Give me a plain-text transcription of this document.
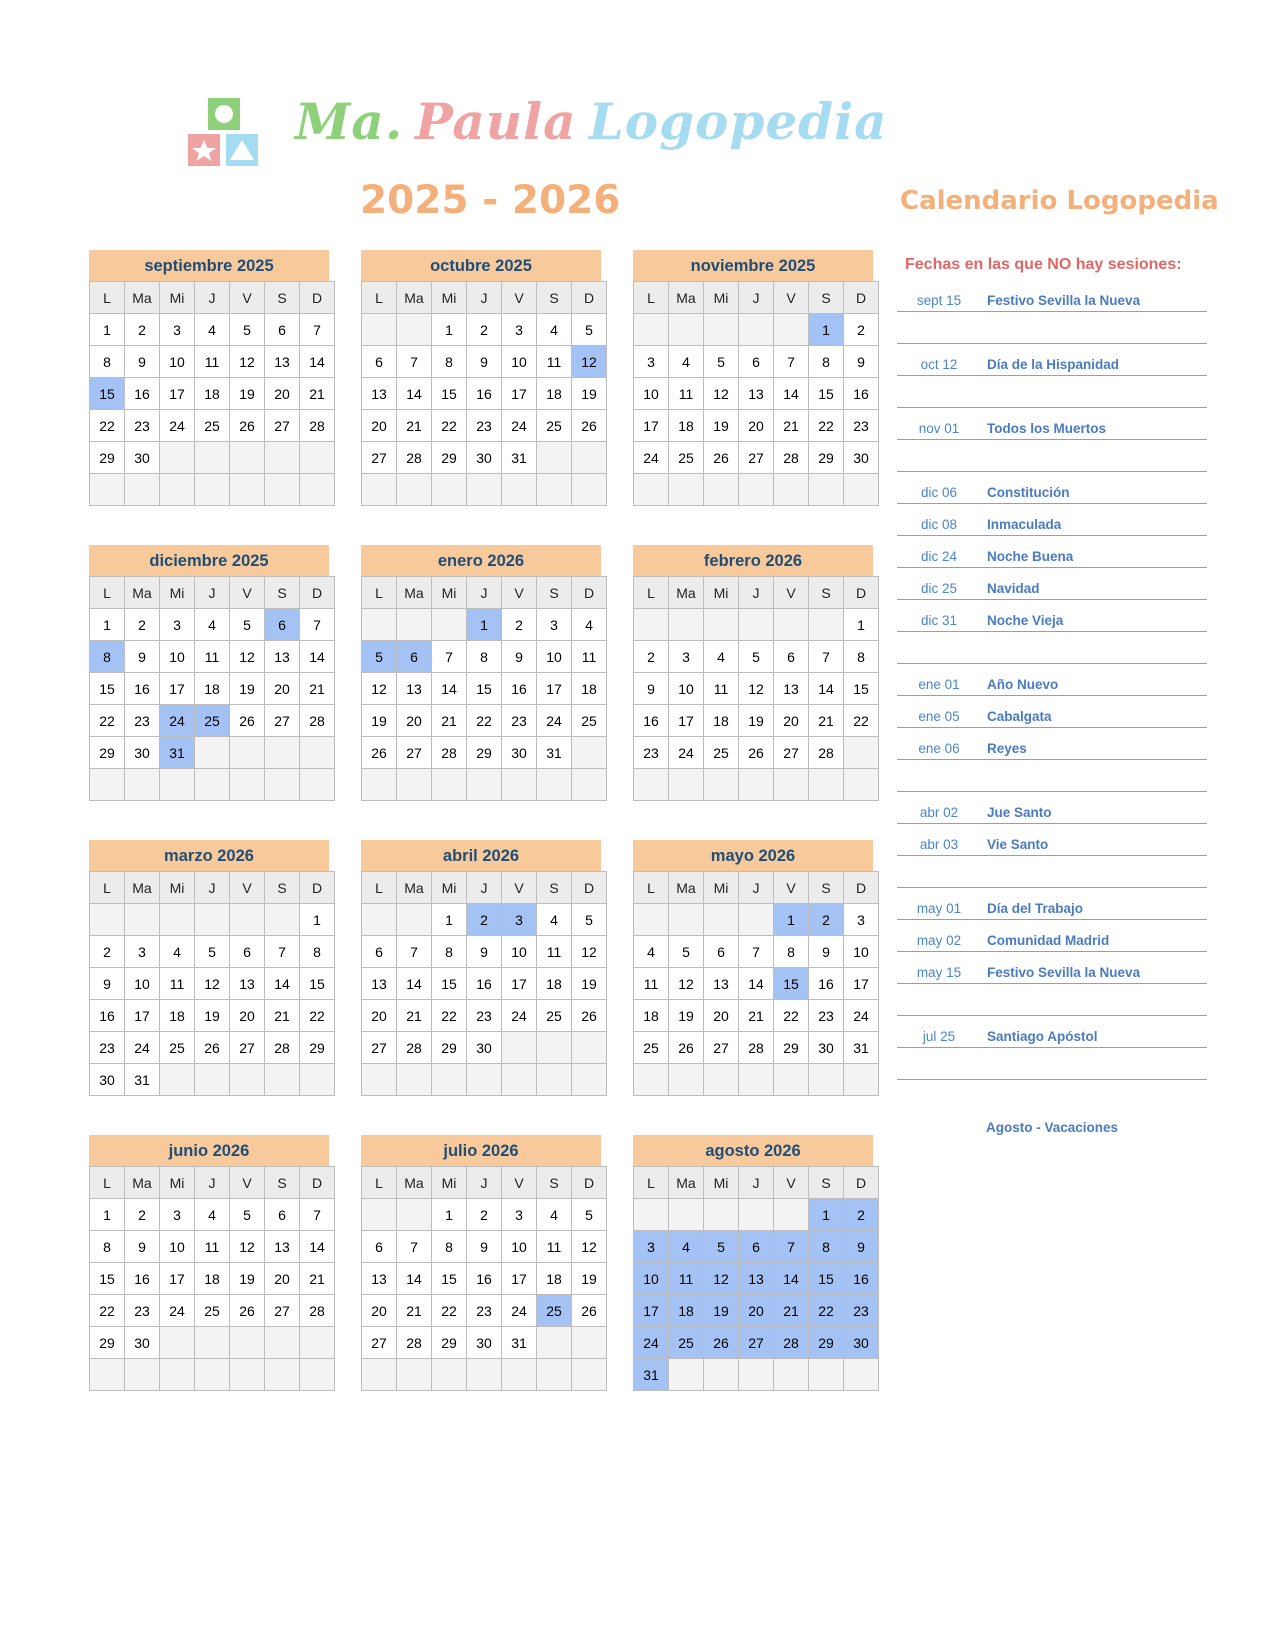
Ma. Paula Logopedia
2025 - 2026	Calendario Logopedia
septiembre 2025
L	Ma	Mi	J	V	S	D
1	2	3	4	5	6	7
8	9	10	11	12	13	14
15	16	17	18	19	20	21
22	23	24	25	26	27	28
29	30					

octubre 2025
L	Ma	Mi	J	V	S	D
		1	2	3	4	5
6	7	8	9	10	11	12
13	14	15	16	17	18	19
20	21	22	23	24	25	26
27	28	29	30	31		

noviembre 2025
L	Ma	Mi	J	V	S	D
					1	2
3	4	5	6	7	8	9
10	11	12	13	14	15	16
17	18	19	20	21	22	23
24	25	26	27	28	29	30

diciembre 2025
L	Ma	Mi	J	V	S	D
1	2	3	4	5	6	7
8	9	10	11	12	13	14
15	16	17	18	19	20	21
22	23	24	25	26	27	28
29	30	31				

enero 2026
L	Ma	Mi	J	V	S	D
			1	2	3	4
5	6	7	8	9	10	11
12	13	14	15	16	17	18
19	20	21	22	23	24	25
26	27	28	29	30	31	

febrero 2026
L	Ma	Mi	J	V	S	D
						1
2	3	4	5	6	7	8
9	10	11	12	13	14	15
16	17	18	19	20	21	22
23	24	25	26	27	28	

marzo 2026
L	Ma	Mi	J	V	S	D
						1
2	3	4	5	6	7	8
9	10	11	12	13	14	15
16	17	18	19	20	21	22
23	24	25	26	27	28	29
30	31					
abril 2026
L	Ma	Mi	J	V	S	D
		1	2	3	4	5
6	7	8	9	10	11	12
13	14	15	16	17	18	19
20	21	22	23	24	25	26
27	28	29	30			

mayo 2026
L	Ma	Mi	J	V	S	D
				1	2	3
4	5	6	7	8	9	10
11	12	13	14	15	16	17
18	19	20	21	22	23	24
25	26	27	28	29	30	31

junio 2026
L	Ma	Mi	J	V	S	D
1	2	3	4	5	6	7
8	9	10	11	12	13	14
15	16	17	18	19	20	21
22	23	24	25	26	27	28
29	30					

julio 2026
L	Ma	Mi	J	V	S	D
		1	2	3	4	5
6	7	8	9	10	11	12
13	14	15	16	17	18	19
20	21	22	23	24	25	26
27	28	29	30	31		

agosto 2026
L	Ma	Mi	J	V	S	D
					1	2
3	4	5	6	7	8	9
10	11	12	13	14	15	16
17	18	19	20	21	22	23
24	25	26	27	28	29	30
31						
Fechas en las que NO hay sesiones:
sept 15	Festivo Sevilla la Nueva
oct 12	Día de la Hispanidad
nov 01	Todos los Muertos
dic 06	Constitución
dic 08	Inmaculada
dic 24	Noche Buena
dic 25	Navidad
dic 31	Noche Vieja
ene 01	Año Nuevo
ene 05	Cabalgata
ene 06	Reyes
abr 02	Jue Santo
abr 03	Vie Santo
may 01	Día del Trabajo
may 02	Comunidad Madrid
may 15	Festivo Sevilla la Nueva
jul 25	Santiago Apóstol
Agosto - Vacaciones
